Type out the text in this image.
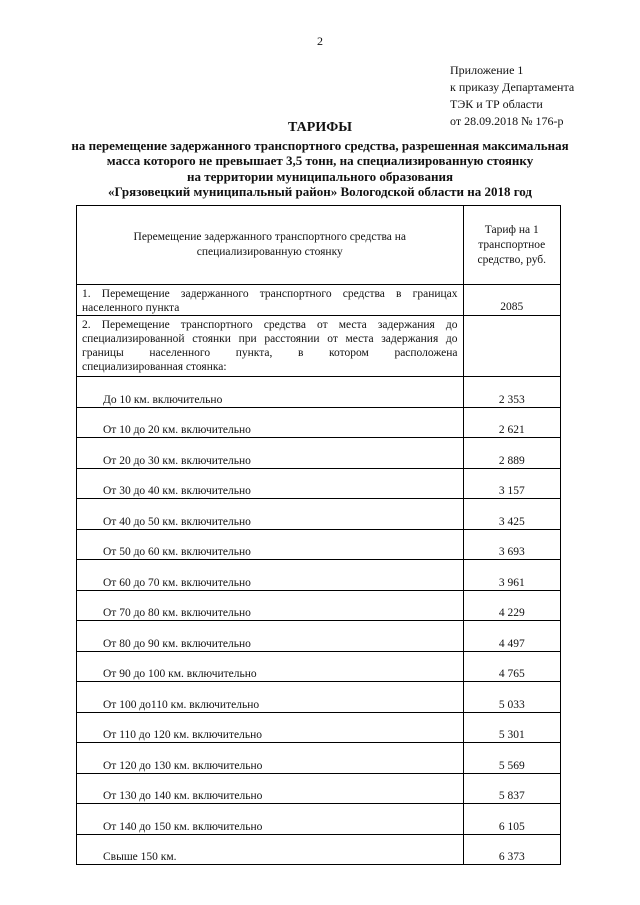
2
Приложение 1
к приказу Департамента
ТЭК и ТР области
от 28.09.2018 № 176-р
ТАРИФЫ
на перемещение задержанного транспортного средства, разрешенная максимальная
масса которого не превышает 3,5 тонн, на специализированную стоянку
на территории муниципального образования
«Грязовецкий муниципальный район» Вологодской области на 2018 год
Перемещение задержанного транспортного средства на специализированную стоянку	Тариф на 1 транспортное средство, руб.

1. Перемещение задержанного транспортного средства в границах
населенного пункта	2085

2. Перемещение транспортного средства от места задержания до специализированной стоянки при расстоянии от места задержания до границы населенного пункта, в котором расположена
специализированная стоянка:	

До 10 км. включительно	2 353
От 10 до 20 км. включительно	2 621
От 20 до 30 км. включительно	2 889
От 30 до 40 км. включительно	3 157
От 40 до 50 км. включительно	3 425
От 50 до 60 км. включительно	3 693
От 60 до 70 км. включительно	3 961
От 70 до 80 км. включительно	4 229
От 80 до 90 км. включительно	4 497
От 90 до 100 км. включительно	4 765
От 100 до110 км. включительно	5 033
От 110 до 120 км. включительно	5 301
От 120 до 130 км. включительно	5 569
От 130 до 140 км. включительно	5 837
От 140 до 150 км. включительно	6 105
Свыше 150 км.	6 373
